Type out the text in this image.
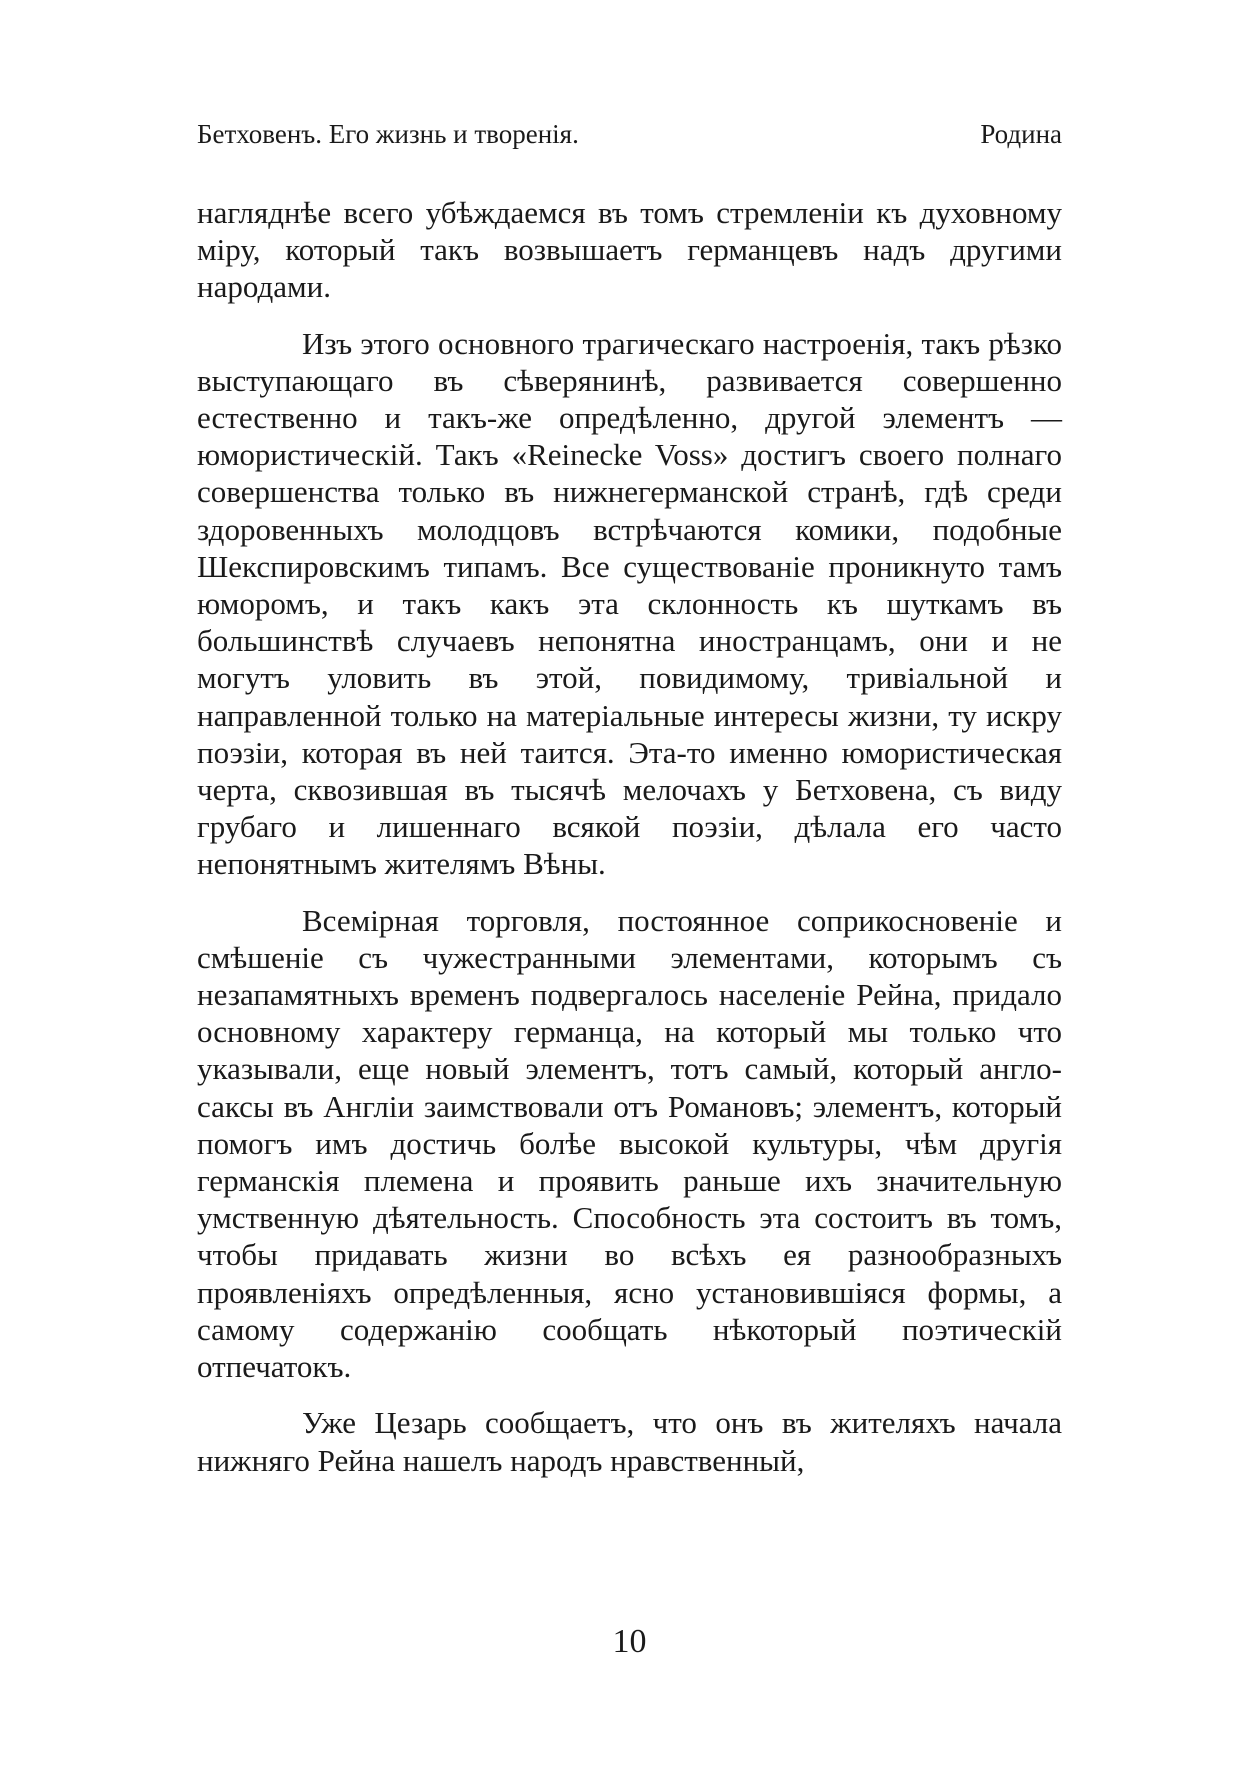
Бетховенъ. Его жизнь и творенія.	Родина

нагляднѣе всего убѣждаемся въ томъ стремленіи къ духовному міру, который такъ возвышаетъ германцевъ надъ другими народами.

Изъ этого основного трагическаго настроенія, такъ рѣзко выступающаго въ сѣверянинѣ, развивается совершенно естественно и такъ-же опредѣленно, другой элементъ — юмористическій. Такъ «Reinecke Voss» достигъ своего полнаго совершенства только въ нижнегерманской странѣ, гдѣ среди здоровенныхъ молодцовъ встрѣчаются комики, подобные Шекспировскимъ типамъ. Все существованіе проникнуто тамъ юморомъ, и такъ какъ эта склонность къ шуткамъ въ большинствѣ случаевъ непонятна иностранцамъ, они и не могутъ уловить въ этой, повидимому, тривіальной и направленной только на матеріальные интересы жизни, ту искру поэзіи, которая въ ней таится. Эта-то именно юмористическая черта, сквозившая въ тысячѣ мелочахъ у Бетховена, съ виду грубаго и лишеннаго всякой поэзіи, дѣлала его часто непонятнымъ жителямъ Вѣны.

Всемірная торговля, постоянное соприкосновеніе и смѣшеніе съ чужестранными элементами, которымъ съ незапамятныхъ временъ подвергалось населеніе Рейна, придало основному характеру германца, на который мы только что указывали, еще новый элементъ, тотъ самый, который англо-саксы въ Англіи заимствовали отъ Романовъ; элементъ, который помогъ имъ достичь болѣе высокой культуры, чѣм другія германскія племена и проявить раньше ихъ значительную умственную дѣятельность. Способность эта состоитъ въ томъ, чтобы придавать жизни во всѣхъ ея разнообразныхъ проявленіяхъ опредѣленныя, ясно установившіяся формы, а самому содержанію сообщать нѣкоторый поэтическій отпечатокъ.

Уже Цезарь сообщаетъ, что онъ въ жителяхъ начала нижняго Рейна нашелъ народъ нравственный,

10
